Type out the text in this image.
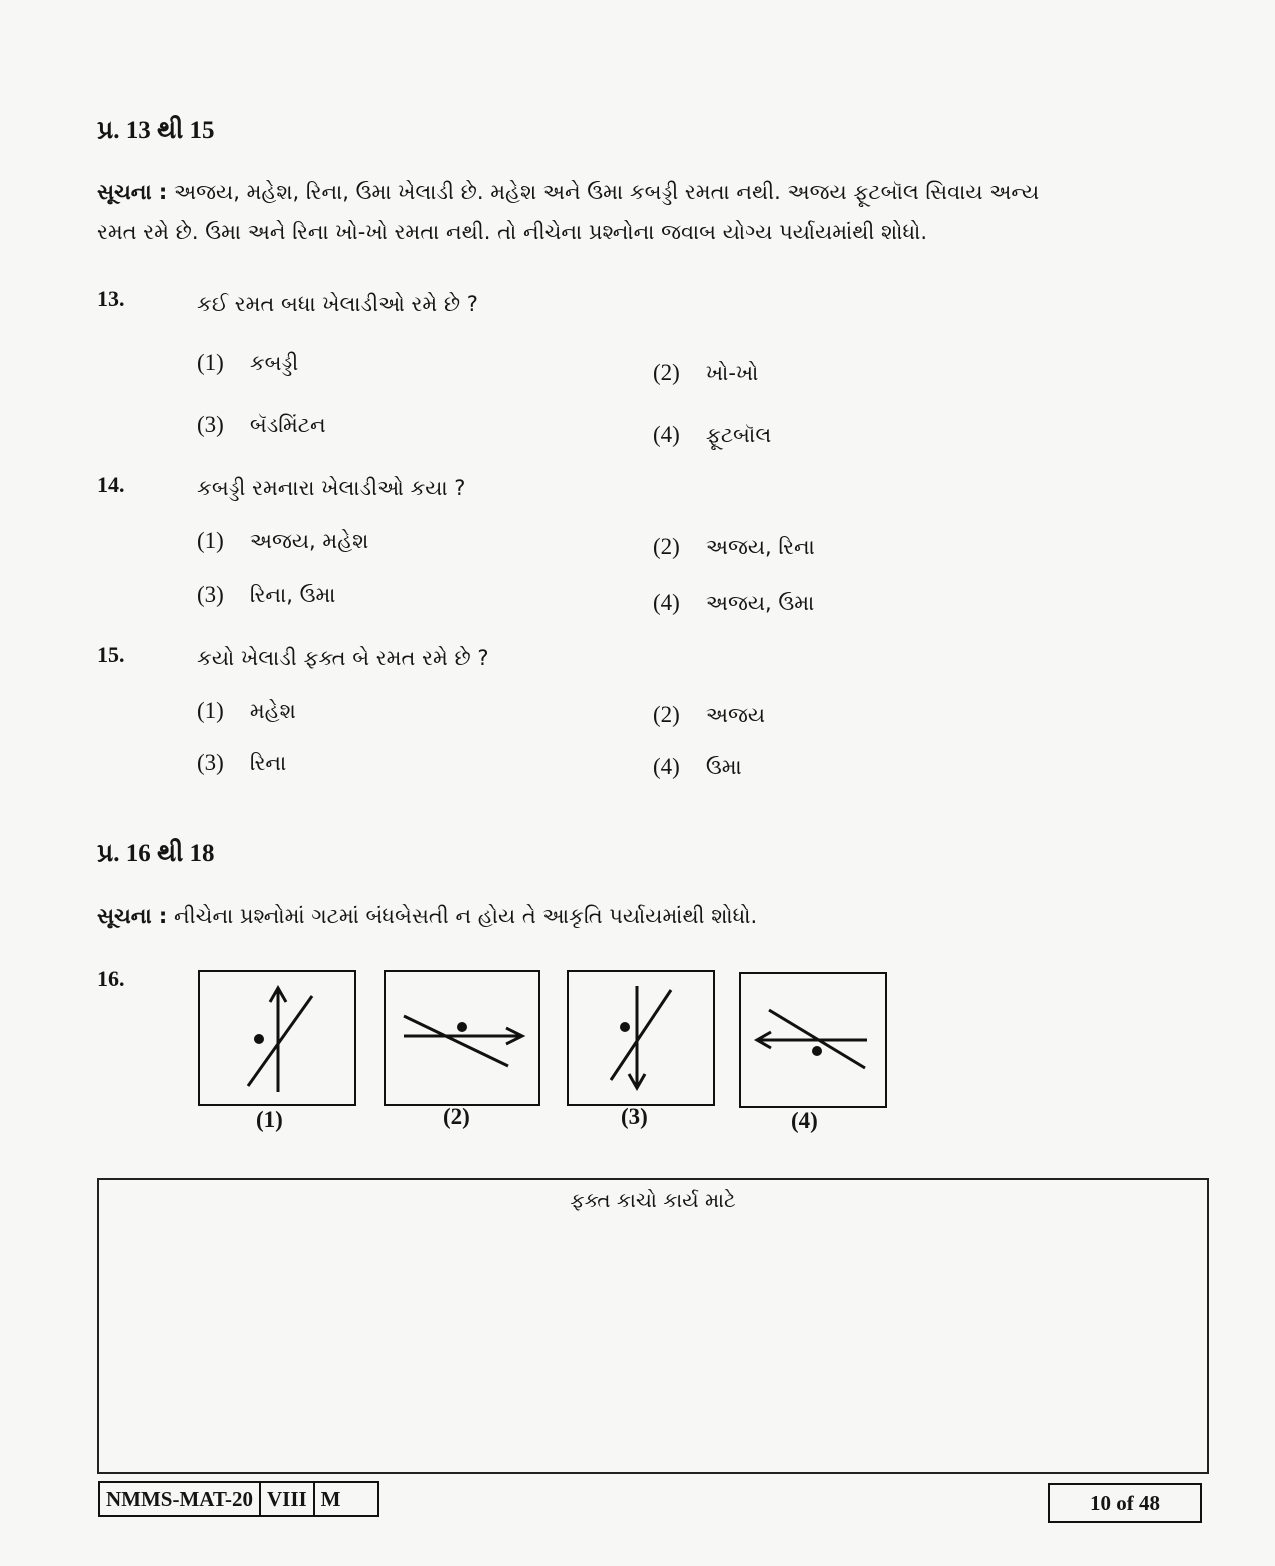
પ્ર. 13 થી 15
સૂચના : અજય, મહેશ, રિના, ઉમા ખેલાડી છે. મહેશ અને ઉમા કબડ્ડી રમતા નથી. અજય ફૂટબૉલ સિવાય અન્ય
રમત રમે છે. ઉમા અને રિના ખો-ખો રમતા નથી. તો નીચેના પ્રશ્નોના જવાબ યોગ્ય પર્યાયમાંથી શોધો.
13.	કઈ રમત બધા ખેલાડીઓ રમે છે ?
(1) કબડ્ડી	(2) ખો-ખો
(3) બૅડમિંટન	(4) ફૂટબૉલ
14.	કબડ્ડી રમનારા ખેલાડીઓ કયા ?
(1) અજય, મહેશ	(2) અજય, રિના
(3) રિના, ઉમા	(4) અજય, ઉમા
15.	કયો ખેલાડી ફક્ત બે રમત રમે છે ?
(1) મહેશ	(2) અજય
(3) રિના	(4) ઉમા
પ્ર. 16 થી 18
સૂચના : નીચેના પ્રશ્નોમાં ગટમાં બંધબેસતી ન હોય તે આકૃતિ પર્યાયમાંથી શોધો.
16.
(1)	(2)	(3)	(4)
ફક્ત કાચો કાર્ય માટે
NMMS-MAT-20 VIII M	10 of 48
